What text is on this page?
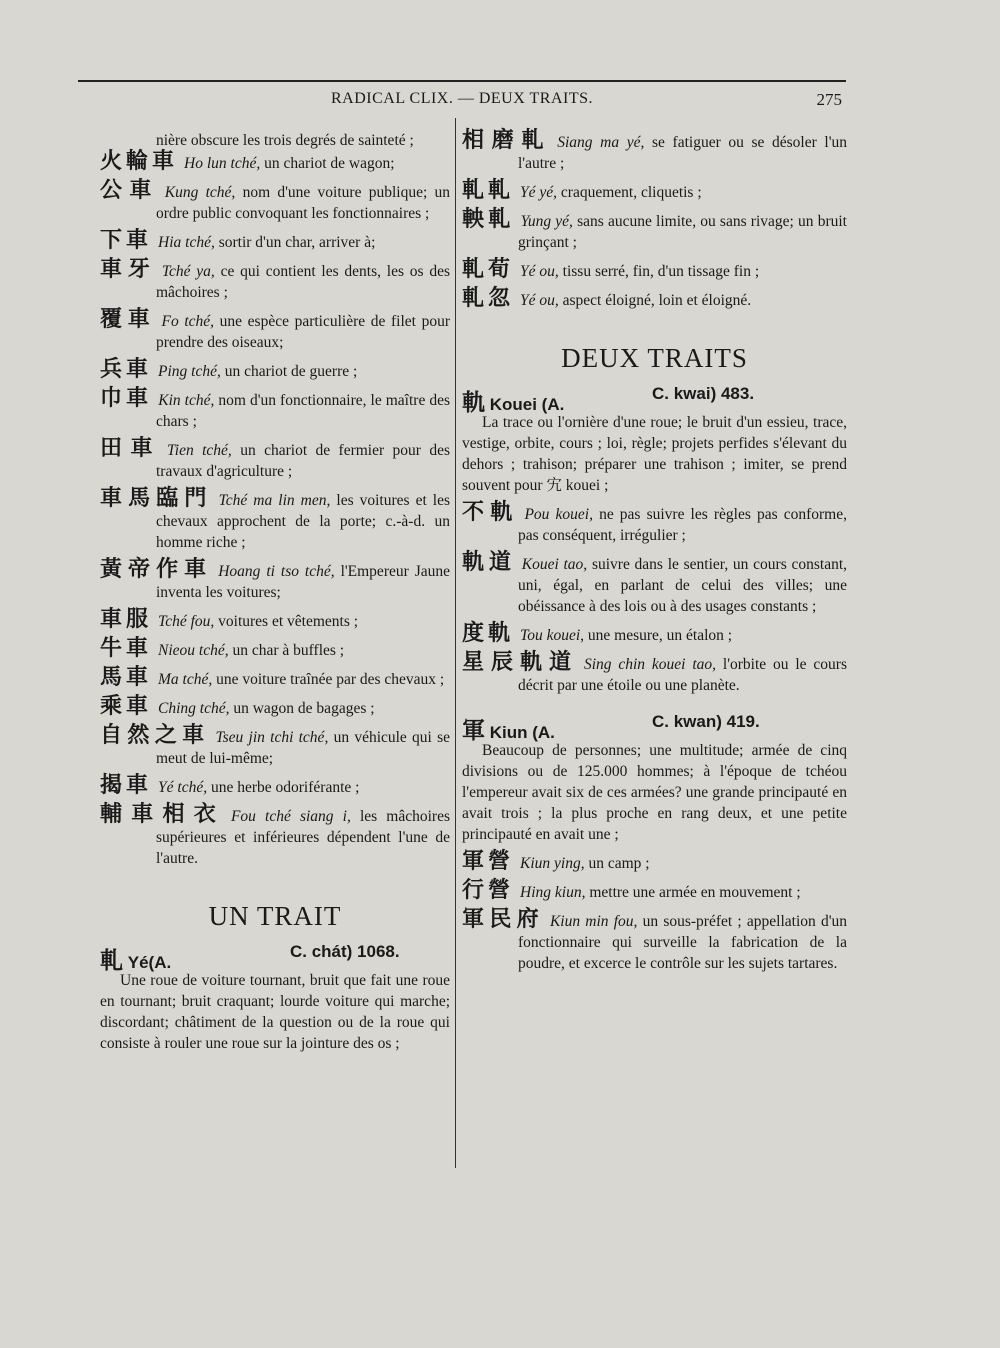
RADICAL CLIX. — DEUX TRAITS.	275
nière obscure les trois degrés de sainteté ;
火輪車 Ho lun tché, un chariot de wagon;
公車 Kung tché, nom d'une voiture publique; un ordre public convoquant les fonctionnaires ;
下車 Hia tché, sortir d'un char, arriver à;
車牙 Tché ya, ce qui contient les dents, les os des mâchoires ;
覆車 Fo tché, une espèce particulière de filet pour prendre des oiseaux;
兵車 Ping tché, un chariot de guerre ;
巾車 Kin tché, nom d'un fonctionnaire, le maître des chars ;
田車 Tien tché, un chariot de fermier pour des travaux d'agriculture ;
車馬臨門 Tché ma lin men, les voitures et les chevaux approchent de la porte; c.-à-d. un homme riche ;
黃帝作車 Hoang ti tso tché, l'Empereur Jaune inventa les voitures;
車服 Tché fou, voitures et vêtements ;
牛車 Nieou tché, un char à buffles ;
馬車 Ma tché, une voiture traînée par des chevaux ;
乘車 Ching tché, un wagon de bagages ;
自然之車 Tseu jin tchi tché, un véhicule qui se meut de lui-même;
揭車 Yé tché, une herbe odoriférante ;
輔車相衣 Fou tché siang i, les mâchoires supérieures et inférieures dépendent l'une de l'autre.
UN TRAIT
軋 Yé(A.
C. chát) 1068.
Une roue de voiture tournant, bruit que fait une roue en tournant; bruit craquant; lourde voiture qui marche; discordant; châtiment de la question ou de la roue qui consiste à rouler une roue sur la jointure des os ;
相磨軋 Siang ma yé, se fatiguer ou se désoler l'un l'autre ;
軋軋 Yé yé, craquement, cliquetis ;
軮軋 Yung yé, sans aucune limite, ou sans rivage; un bruit grinçant ;
軋荀 Yé ou, tissu serré, fin, d'un tissage fin ;
軋忽 Yé ou, aspect éloigné, loin et éloigné.
DEUX TRAITS
軌 Kouei (A.
C. kwai) 483.
La trace ou l'ornière d'une roue; le bruit d'un essieu, trace, vestige, orbite, cours ; loi, règle; projets perfides s'élevant du dehors ; trahison; préparer une trahison ; imiter, se prend souvent pour 宄 kouei ;
不軌 Pou kouei, ne pas suivre les règles pas conforme, pas conséquent, irrégulier ;
軌道 Kouei tao, suivre dans le sentier, un cours constant, uni, égal, en parlant de celui des villes; une obéissance à des lois ou à des usages constants ;
度軌 Tou kouei, une mesure, un étalon ;
星辰軌道 Sing chin kouei tao, l'orbite ou le cours décrit par une étoile ou une planète.
軍 Kiun (A.
C. kwan) 419.
Beaucoup de personnes; une multitude; armée de cinq divisions ou de 125.000 hommes; à l'époque de tchéou l'empereur avait six de ces armées? une grande principauté en avait trois ; la plus proche en rang deux, et une petite principauté en avait une ;
軍營 Kiun ying, un camp ;
行營 Hing kiun, mettre une armée en mouvement ;
軍民府 Kiun min fou, un sous-préfet ; appellation d'un fonctionnaire qui surveille la fabrication de la poudre, et excerce le contrôle sur les sujets tartares.
